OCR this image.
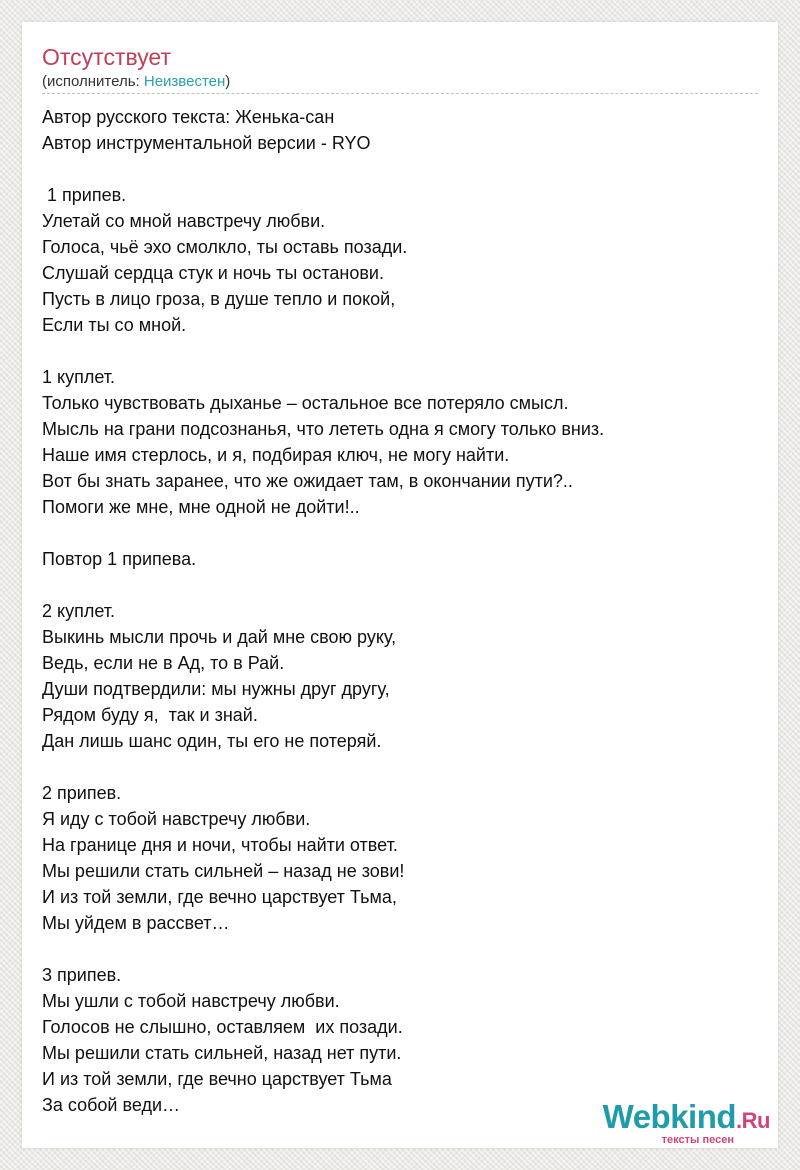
Отсутствует
(исполнитель: Неизвестен)
Автор русского текста: Женька-сан
Автор инструментальной версии - RYO
1 припев.
Улетай со мной навстречу любви.
Голоса, чьё эхо смолкло, ты оставь позади.
Слушай сердца стук и ночь ты останови.
Пусть в лицо гроза, в душе тепло и покой,
Если ты со мной.
1 куплет.
Только чувствовать дыханье – остальное все потеряло смысл.
Мысль на грани подсознанья, что лететь одна я смогу только вниз.
Наше имя стерлось, и я, подбирая ключ, не могу найти.
Вот бы знать заранее, что же ожидает там, в окончании пути?..
Помоги же мне, мне одной не дойти!..
Повтор 1 припева.
2 куплет.
Выкинь мысли прочь и дай мне свою руку,
Ведь, если не в Ад, то в Рай.
Души подтвердили: мы нужны друг другу,
Рядом буду я,  так и знай.
Дан лишь шанс один, ты его не потеряй.
2 припев.
Я иду с тобой навстречу любви.
На границе дня и ночи, чтобы найти ответ.
Мы решили стать сильней – назад не зови!
И из той земли, где вечно царствует Тьма,
Мы уйдем в рассвет…
3 припев.
Мы ушли с тобой навстречу любви.
Голосов не слышно, оставляем  их позади.
Мы решили стать сильней, назад нет пути.
И из той земли, где вечно царствует Тьма
За собой веди…	Webkind.Ru
тексты песен
